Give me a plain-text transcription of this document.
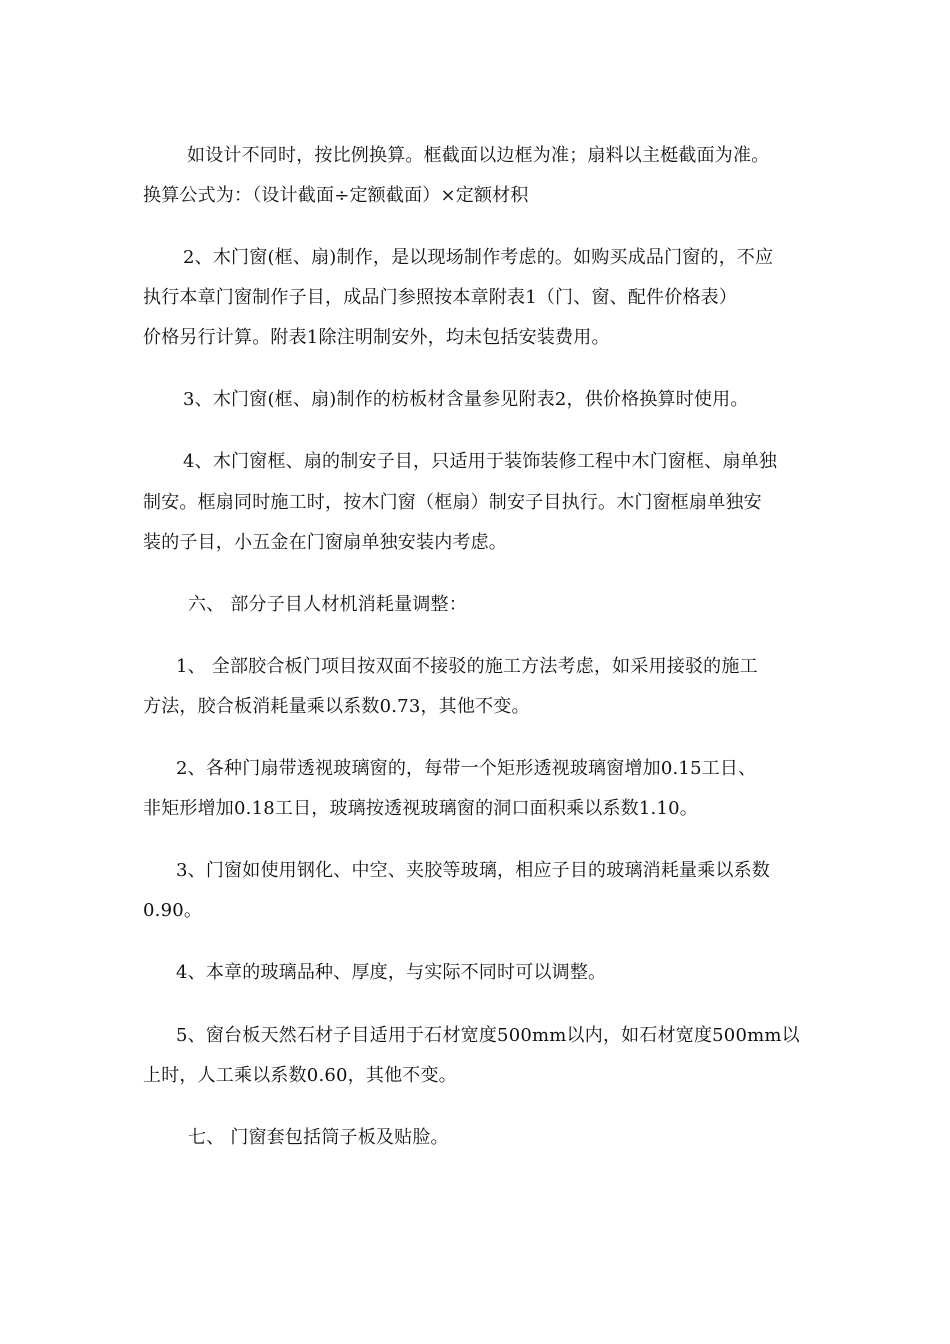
如设计不同时，按比例换算。框截面以边框为准；扇料以主梃截面为准。
换算公式为：（设计截面÷定额截面）×定额材积
2、木门窗(框、扇)制作，是以现场制作考虑的。如购买成品门窗的，不应
执行本章门窗制作子目，成品门参照按本章附表1（门、窗、配件价格表）
价格另行计算。附表1除注明制安外，均未包括安装费用。
3、木门窗(框、扇)制作的枋板材含量参见附表2，供价格换算时使用。
4、木门窗框、扇的制安子目，只适用于装饰装修工程中木门窗框、扇单独
制安。框扇同时施工时，按木门窗（框扇）制安子目执行。木门窗框扇单独安
装的子目，小五金在门窗扇单独安装内考虑。
六、 部分子目人材机消耗量调整：
1、 全部胶合板门项目按双面不接驳的施工方法考虑，如采用接驳的施工
方法，胶合板消耗量乘以系数0.73，其他不变。
2、各种门扇带透视玻璃窗的，每带一个矩形透视玻璃窗增加0.15工日、
非矩形增加0.18工日，玻璃按透视玻璃窗的洞口面积乘以系数1.10。
3、门窗如使用钢化、中空、夹胶等玻璃，相应子目的玻璃消耗量乘以系数
0.90。
4、本章的玻璃品种、厚度，与实际不同时可以调整。
5、窗台板天然石材子目适用于石材宽度500mm以内，如石材宽度500mm以
上时，人工乘以系数0.60，其他不变。
七、 门窗套包括筒子板及贴脸。
